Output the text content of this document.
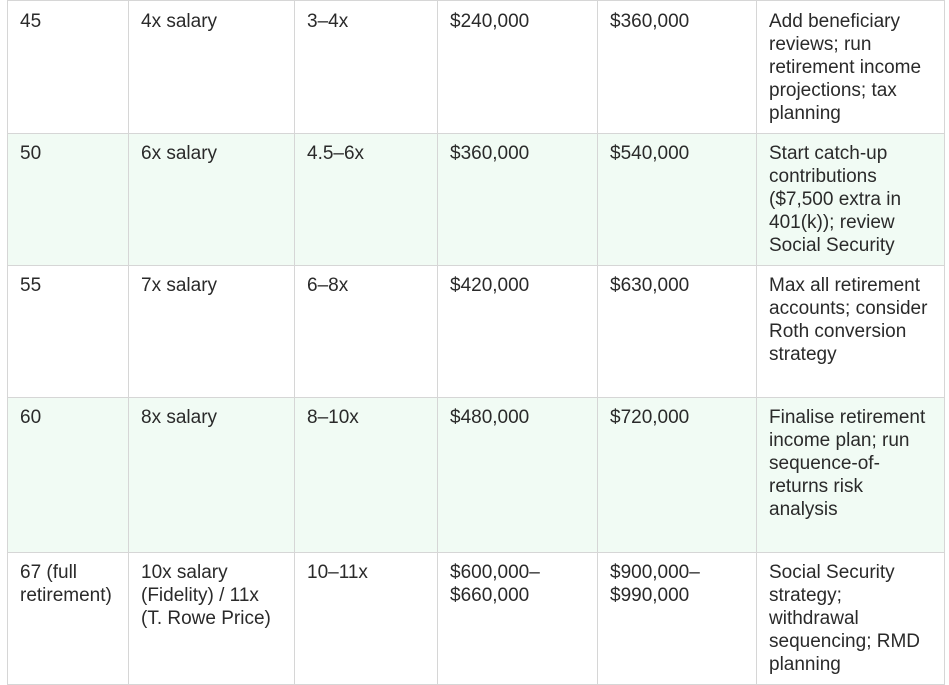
45	4x salary	3–4x	$240,000	$360,000	Add beneficiary reviews; run retirement income projections; tax planning
50	6x salary	4.5–6x	$360,000	$540,000	Start catch-up contributions ($7,500 extra in 401(k)); review Social Security
55	7x salary	6–8x	$420,000	$630,000	Max all retirement accounts; consider Roth conversion strategy
60	8x salary	8–10x	$480,000	$720,000	Finalise retirement income plan; run sequence-of-returns risk analysis
67 (full retirement)	10x salary (Fidelity) / 11x (T. Rowe Price)	10–11x	$600,000–$660,000	$900,000–$990,000	Social Security strategy; withdrawal sequencing; RMD planning
